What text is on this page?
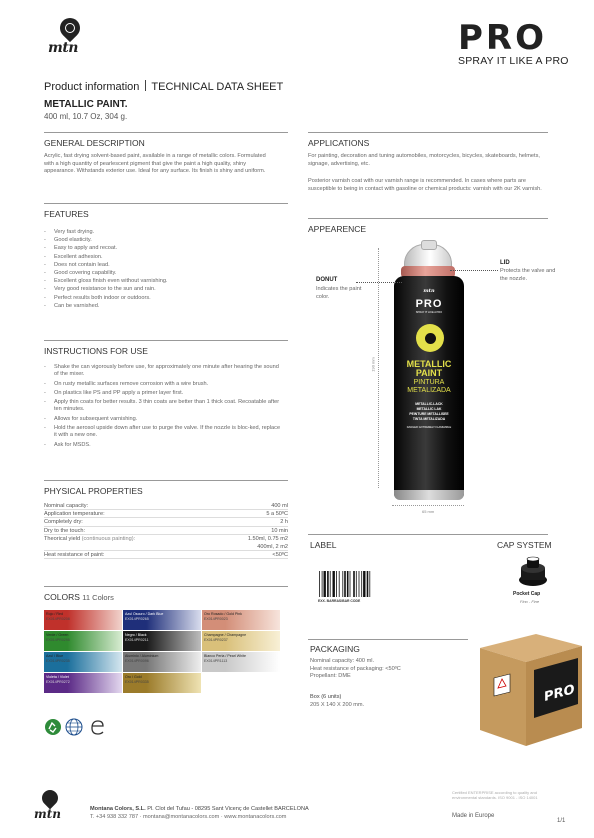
mtn	PRO
SPRAY IT LIKE A PRO
Product information TECHNICAL DATA SHEET
METALLIC PAINT.
400 ml, 10.7 Oz, 304 g.
GENERAL DESCRIPTION
Acrylic, fast drying solvent-based paint, available in a range of metallic colors. Formulated with a high quantity of pearlescent pigment that give the paint a high quality, shiny appearance. Withstands exterior use. Ideal for any surface. Its finish is shiny and uniform.
FEATURES
- Very fast drying.
- Good elasticity.
- Easy to apply and recoat.
- Excellent adhesion.
- Does not contain lead.
- Good covering capability.
- Excellent gloss finish even without varnishing.
- Very good resistance to the sun and rain.
- Perfect results both indoor or outdoors.
- Can be varnished.
INSTRUCTIONS FOR USE
- Shake the can vigorously before use, for approximately one minute after hearing the sound of the mixer.
- On rusty metallic surfaces remove corrosion with a wire brush.
- On plastics like PS and PP apply a primer layer first.
- Apply thin coats for better results. 3 thin coats are better than 1 thick coat. Recoatable after ten minutes.
- Allows for subsequent varnishing.
- Hold the aerosol upside down after use to purge the valve. If the nozzle is bloc-ked, replace it with a new one.
- Ask for MSDS.
PHYSICAL PROPERTIES
Nominal capacity:	400 ml
Application temperature:	5 a 50ºC
Completely dry:	2 h
Dry to the touch:	10 min
Theorical yield (continuous painting):	1.50ml, 0.75 m2
400ml, 2 m2
Heat resistance of paint:	<50ºC
COLORS 11 Colors
Rojo / Red
EX014PR0208
Verde / Green
EX014PR0295
Azul / Blue
EX014PR0235
Violeta / Violet
EX014PR0272
Azul Oscuro / Dark Blue
EX014PR0265
Negro / Black
EX014PR0211
Aluminio / Aluminium
EX014PR0096
Oro / Gold
EX014PR0335
Oro Rosado / Gold Pink
EX014PR0023
Champagne / Champagne
EX014PR0237
Blanco Perla / Pearl White
EX014PR1113
APPLICATIONS
For painting, decoration and tuning automobiles, motorcycles, bicycles, skateboards, helmets, signage, advertising, etc.
Posterior varnish coat with our varnish range is recommended. In cases where parts are susceptible to being in contact with gasoline or chemical products: varnish with our 2K varnish.
APPEARENCE
mtn
PRO
SPRAY IT LIKE A PRO
METALLIC
PAINT
PINTURA
METALIZADA
METALLIC-LACK
METALLIC LAK
PEINTURE METALLISEE
TINTA METALIZADA
DANGER: EXTREMELY FLAMMABLE
190 mm
65 mm
LID
Protects the valve and the nozzle.
DONUT
Indicates the paint color.
LABEL	CAP SYSTEM
EXX. BARRAS/BAR CODE
Pocket Cap
Fino - Fine
PACKAGING
Nominal capacity: 400 ml.
Heat resistance of packaging: <50ºC
Propellant: DME
Box (6 units)
205 X 140 X 200 mm.	PRO
mtn	Montana Colors, S.L. Pl. Clot del Tufau - 08295 Sant Vicenç de Castellet BARCELONA
T. +34 938 332 787 · montana@montanacolors.com · www.montanacolors.com
Certified ENTERPRISE according to quality and environmental standards. ISO 9001 - ISO 14001
Made in Europe
1/1
